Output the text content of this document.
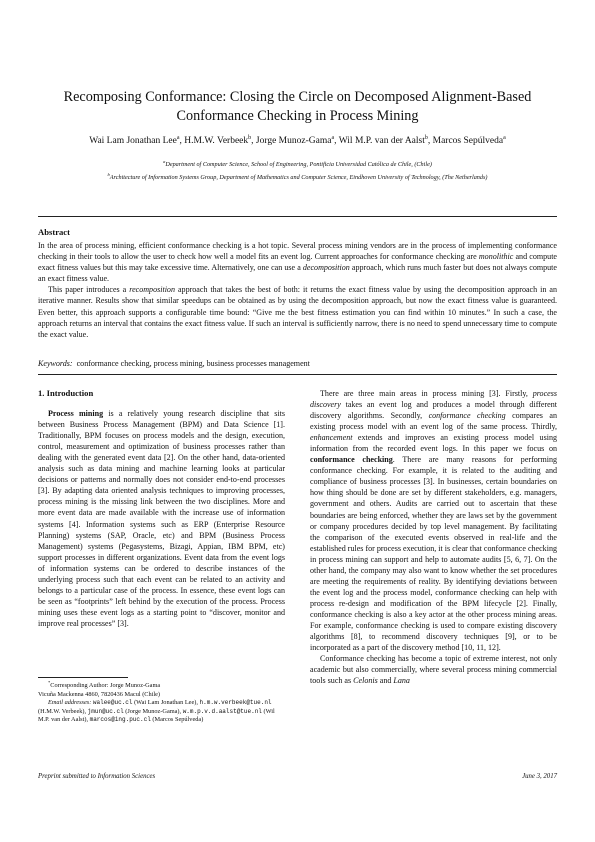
Recomposing Conformance: Closing the Circle on Decomposed Alignment-Based
Conformance Checking in Process Mining
Wai Lam Jonathan Lee$^a$, H.M.W. Verbeek$^b$, Jorge Munoz-Gama$^a$, Wil M.P. van der Aalst$^b$, Marcos Sepúlveda$^a$
$^a$Department of Computer Science, School of Engineering, Pontificia Universidad Católica de Chile, (Chile)
$^b$Architecture of Information Systems Group, Department of Mathematics and Computer Science, Eindhoven University of Technology, (The Netherlands)
Abstract

In the area of process mining, efficient conformance checking is a hot topic. Several process mining vendors are in the process of implementing conformance checking in their tools to allow the user to check how well a model fits an event log. Current approaches for conformance checking are monolithic and compute exact fitness values but this may take excessive time. Alternatively, one can use a decomposition approach, which runs much faster but does not always compute an exact fitness value.

This paper introduces a recomposition approach that takes the best of both: it returns the exact fitness value by using the decomposition approach in an iterative manner. Results show that similar speedups can be obtained as by using the decomposition approach, but now the exact fitness value is guaranteed. Even better, this approach supports a configurable time bound: “Give me the best fitness estimation you can find within 10 minutes.” In such a case, the approach returns an interval that contains the exact fitness value. If such an interval is sufficiently narrow, there is no need to spend unnecessary time to compute the exact value.

Keywords: conformance checking, process mining, business processes management
1. Introduction

Process mining is a relatively young research discipline that sits between Business Process Management (BPM) and Data Science [1]. Traditionally, BPM focuses on process models and the design, execution, control, measurement and optimization of business processes rather than dealing with the generated event data [2]. On the other hand, data-oriented analysis such as data mining and machine learning looks at particular decisions or patterns and normally does not consider end-to-end processes [3]. By adapting data oriented analysis techniques to improving processes, process mining is the missing link between the two disciplines. More and more event data are made available with the increase use of information systems [4]. Information systems such as ERP (Enterprise Resource Planning) systems (SAP, Oracle, etc) and BPM (Business Process Management) systems (Pegasystems, Bizagi, Appian, IBM BPM, etc) support processes in different organizations. Event data from the event logs of information systems can be ordered to describe instances of the underlying process such that each event can be related to an activity and belongs to a particular case of the process. In essence, these event logs can be seen as “footprints” left behind by the execution of the process. Process mining uses these event logs as a starting point to “discover, monitor and improve real processes” [3].

There are three main areas in process mining [3]. Firstly, process discovery takes an event log and produces a model through different discovery algorithms. Secondly, conformance checking compares an existing process model with an event log of the same process. Thirdly, enhancement extends and improves an existing process model using information from the recorded event logs. In this paper we focus on conformance checking. There are many reasons for performing conformance checking. For example, it is related to the auditing and compliance of business processes [3]. In businesses, certain boundaries on how thing should be done are set by different stakeholders, e.g. managers, government and others. Audits are carried out to ascertain that these boundaries are being enforced, whether they are laws set by the government or company procedures decided by top level management. By facilitating the comparison of the executed events observed in real-life and the established rules for process execution, it is clear that conformance checking in process mining can support and help to automate audits [5, 6, 7]. On the other hand, the company may also want to know whether the set procedures are meeting the requirements of reality. By identifying deviations between the event log and the process model, conformance checking can help with process re-design and modification of the BPM lifecycle [2]. Finally, conformance checking is also a key actor at the other process mining areas. For example, conformance checking is used to compare existing discovery algorithms [8], to recommend discovery techniques [9], or to be incorporated as a part of the discovery method [10, 11, 12].

Conformance checking has become a topic of extreme interest, not only academic but also commercially, where several process mining commercial tools such as Celonis and Lana

*Corresponding Author: Jorge Munoz-Gama

Vicuña Mackenna 4860, 7820436 Macul (Chile)

Email addresses: walee@uc.cl (Wai Lam Jonathan Lee), h.m.w.verbeek@tue.nl (H.M.W. Verbeek), jmun@uc.cl (Jorge Munoz-Gama), w.m.p.v.d.aalst@tue.nl (Wil M.P. van der Aalst), marcos@ing.puc.cl (Marcos Sepúlveda)

Preprint submitted to Information Sciences	June 3, 2017
